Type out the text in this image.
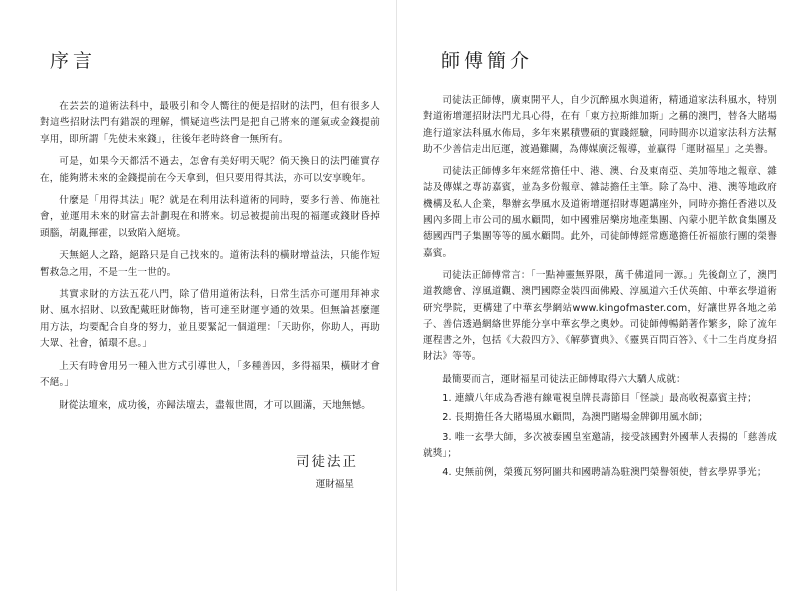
序言

在芸芸的道術法科中，最吸引和令人嚮往的便是招財的法門，但有很多人對這些招財法門有錯誤的理解，慣疑這些法門是把自己將來的運氣或金錢提前享用，即所謂「先使未來錢」，往後年老時終會一無所有。

可是，如果今天都活不過去，怎會有美好明天呢？倘天換日的法門確實存在，能夠將未來的金錢提前在今天拿到，但只要用得其法，亦可以安享晚年。

什麼是「用得其法」呢？就是在利用法科道術的同時，要多行善、佈施社會，並運用未來的財富去計劃現在和將來。切忌被提前出現的福運或錢財昏掉頭腦，胡亂揮霍，以致陷入絕境。

天無絕人之路，絕路只是自己找來的。道術法科的橫財增益法，只能作短暫救急之用，不是一生一世的。

其實求財的方法五花八門，除了借用道術法科，日常生活亦可運用拜神求財、風水招財、以致配戴旺財飾物，皆可達至財運亨通的效果。但無論甚麼運用方法，均要配合自身的努力，並且要緊記一個道理：「天助你，你助人，再助大眾、社會，循環不息。」

上天有時會用另一種入世方式引導世人，「多種善因，多得福果，橫財才會不絕。」

財從法壇來，成功後，亦歸法壇去，盡報世間，才可以圓滿，天地無憾。

司徒法正
運財福星
師傅簡介

司徒法正師傅，廣東開平人，自少沉醉風水與道術，精通道家法科風水，特別對道術增運招財法門尤具心得，在有「東方拉斯維加斯」之稱的澳門，替各大賭場進行道家法科風水佈局，多年來累積豐碩的實踐經驗，同時間亦以道家法科方法幫助不少善信走出厄運，渡過難關，為傳媒廣泛報導，並贏得「運財福星」之美譽。

司徒法正師傅多年來經常擔任中、港、澳、台及東南亞、美加等地之報章、雜誌及傳媒之專訪嘉賓，並為多份報章、雜誌擔任主筆。除了為中、港、澳等地政府機構及私人企業，舉辦玄學風水及道術增運招財專題講座外，同時亦擔任香港以及國內多間上市公司的風水顧問，如中國雅居樂房地產集團、內蒙小肥羊飲食集團及德國西門子集團等等的風水顧問。此外，司徒師傅經常應邀擔任祈福旅行團的榮譽嘉賓。

司徒法正師傅常言：「一點神靈無界限，萬千佛道同一源。」先後創立了，澳門道教總會、淳風道觀、澳門國際金裝四面佛殿、淳風道六壬伏英館、中華玄學道術研究學院，更構建了中華玄學網站www.kingofmaster.com，好讓世界各地之弟子、善信透過網絡世界能分享中華玄學之奧妙。司徒師傅暢銷著作繁多，除了流年運程書之外，包括《大殺四方》、《解夢寶典》、《靈異百問百答》、《十二生肖度身招財法》等等。

最簡要而言，運財福星司徒法正師傅取得六大驕人成就：

1. 連續八年成為香港有線電視皇牌長壽節目「怪談」最高收視嘉賓主持；

2. 長期擔任各大賭場風水顧問，為澳門賭場金牌御用風水師；

3. 唯一玄學大師，多次被泰國皇室邀請，接受該國對外國華人表揚的「慈善成就獎」；

4. 史無前例，榮獲瓦努阿圖共和國聘請為駐澳門榮譽領使，替玄學界爭光；
